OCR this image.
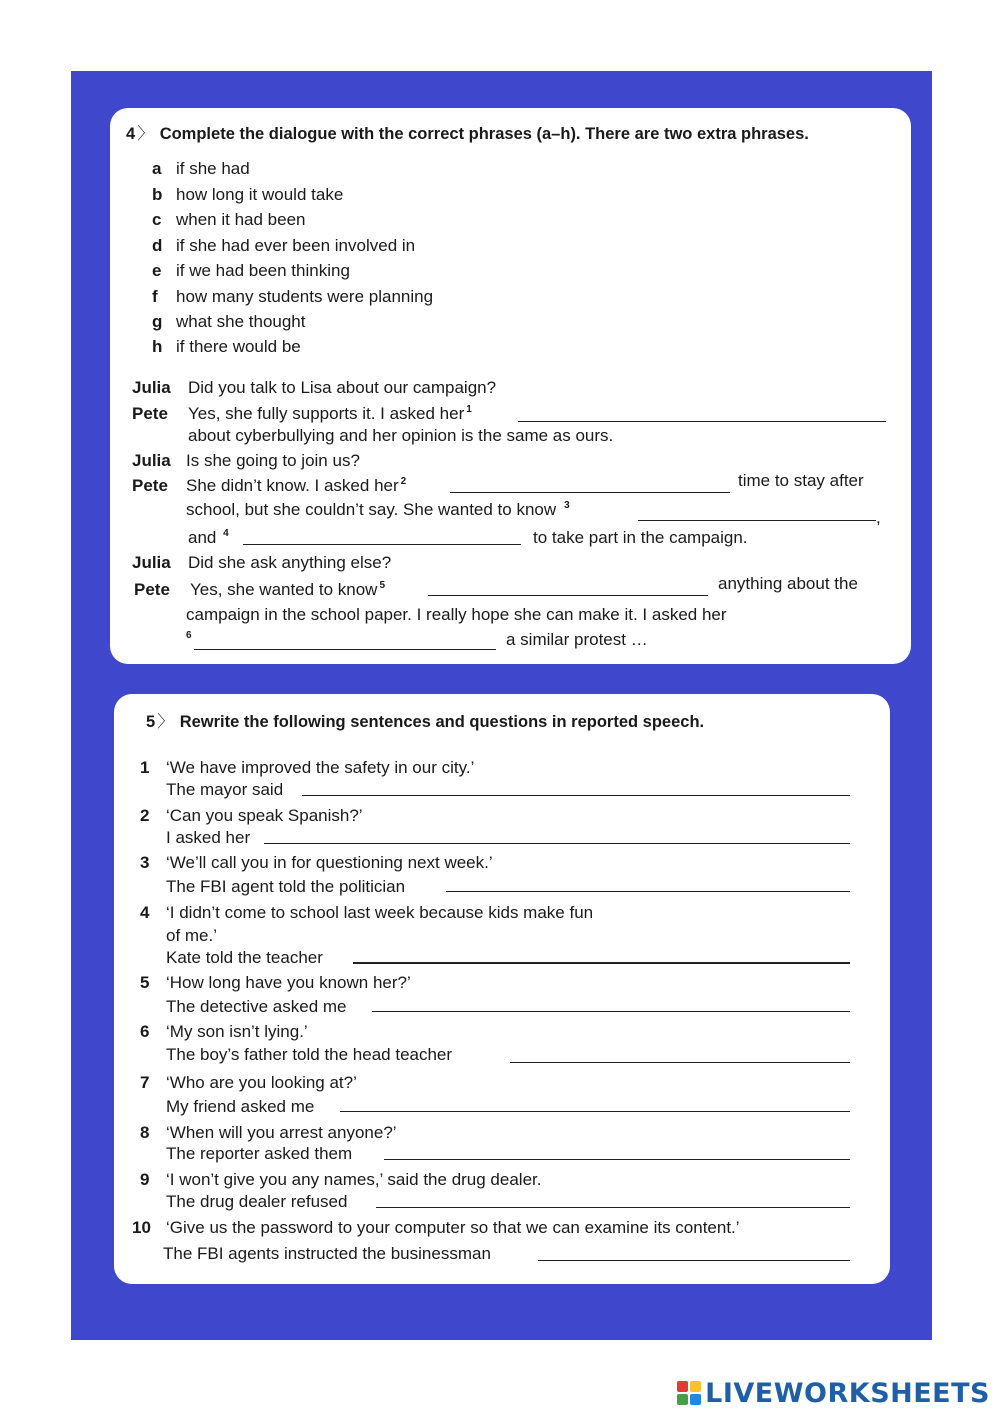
4 〉 Complete the dialogue with the correct phrases (a–h). There are two extra phrases.
a if she had
b how long it would take
c when it had been
d if she had ever been involved in
e if we had been thinking
f how many students were planning
g what she thought
h if there would be
Julia Did you talk to Lisa about our campaign?
Pete Yes, she fully supports it. I asked her $^1$
about cyberbullying and her opinion is the same as ours.
Julia Is she going to join us?
Pete She didn’t know. I asked her $^2$	time to stay after
school, but she couldn’t say. She wanted to know $^3$
,
and $^4$	to take part in the campaign.
Julia Did she ask anything else?
Pete Yes, she wanted to know $^5$	anything about the
campaign in the school paper. I really hope she can make it. I asked her
$^6$	a similar protest …
5 〉 Rewrite the following sentences and questions in reported speech.
1 ‘We have improved the safety in our city.’
The mayor said
2 ‘Can you speak Spanish?’
I asked her
3 ‘We’ll call you in for questioning next week.’
The FBI agent told the politician
4 ‘I didn’t come to school last week because kids make fun
of me.’
Kate told the teacher
5 ‘How long have you known her?’
The detective asked me
6 ‘My son isn’t lying.’
The boy’s father told the head teacher
7 ‘Who are you looking at?’
My friend asked me
8 ‘When will you arrest anyone?’
The reporter asked them
9 ‘I won’t give you any names,’ said the drug dealer.
The drug dealer refused
10 ‘Give us the password to your computer so that we can examine its content.’
The FBI agents instructed the businessman
LIVEWORKSHEETS
